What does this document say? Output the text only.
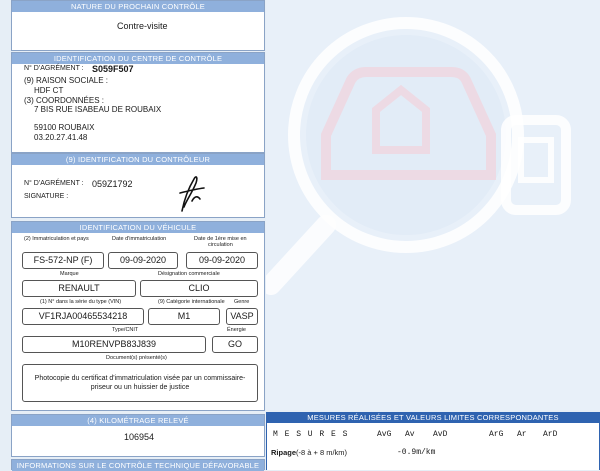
NATURE DU PROCHAIN CONTRÔLE
Contre-visite
IDENTIFICATION DU CENTRE DE CONTRÔLE
N° D'AGRÉMENT : S059F507
(9) RAISON SOCIALE :
HDF CT
(3) COORDONNÉES :
7 BIS RUE ISABEAU DE ROUBAIX
59100 ROUBAIX
03.20.27.41.48
(9) IDENTIFICATION DU CONTRÔLEUR
N° D'AGRÉMENT : 059Z1792
SIGNATURE :
IDENTIFICATION DU VÉHICULE
(2) Immatriculation et pays	Date d'immatriculation	Date de 1ère mise en
circulation
FS-572-NP (F)	09-09-2020	09-09-2020
Marque	Désignation commerciale
RENAULT	CLIO
(1) N° dans la série du type (VIN)	(9) Catégorie internationale Genre
VF1RJA00465534218	M1	VASP
Type/CNIT	Énergie
M10RENVPB83J839	GO
Document(s) présenté(s)
Photocopie du certificat d'immatriculation visée par un commissaire-priseur ou un huissier de justice
(4) KILOMÉTRAGE RELEVÉ
106954
INFORMATIONS SUR LE CONTRÔLE TECHNIQUE DÉFAVORABLE
MESURES RÉALISÉES ET VALEURS LIMITES CORRESPONDANTES
M E S U R E S	AvG Av AvD	ArG Ar ArD
Ripage (-8 à + 8 m/km)	-0.9m/km
